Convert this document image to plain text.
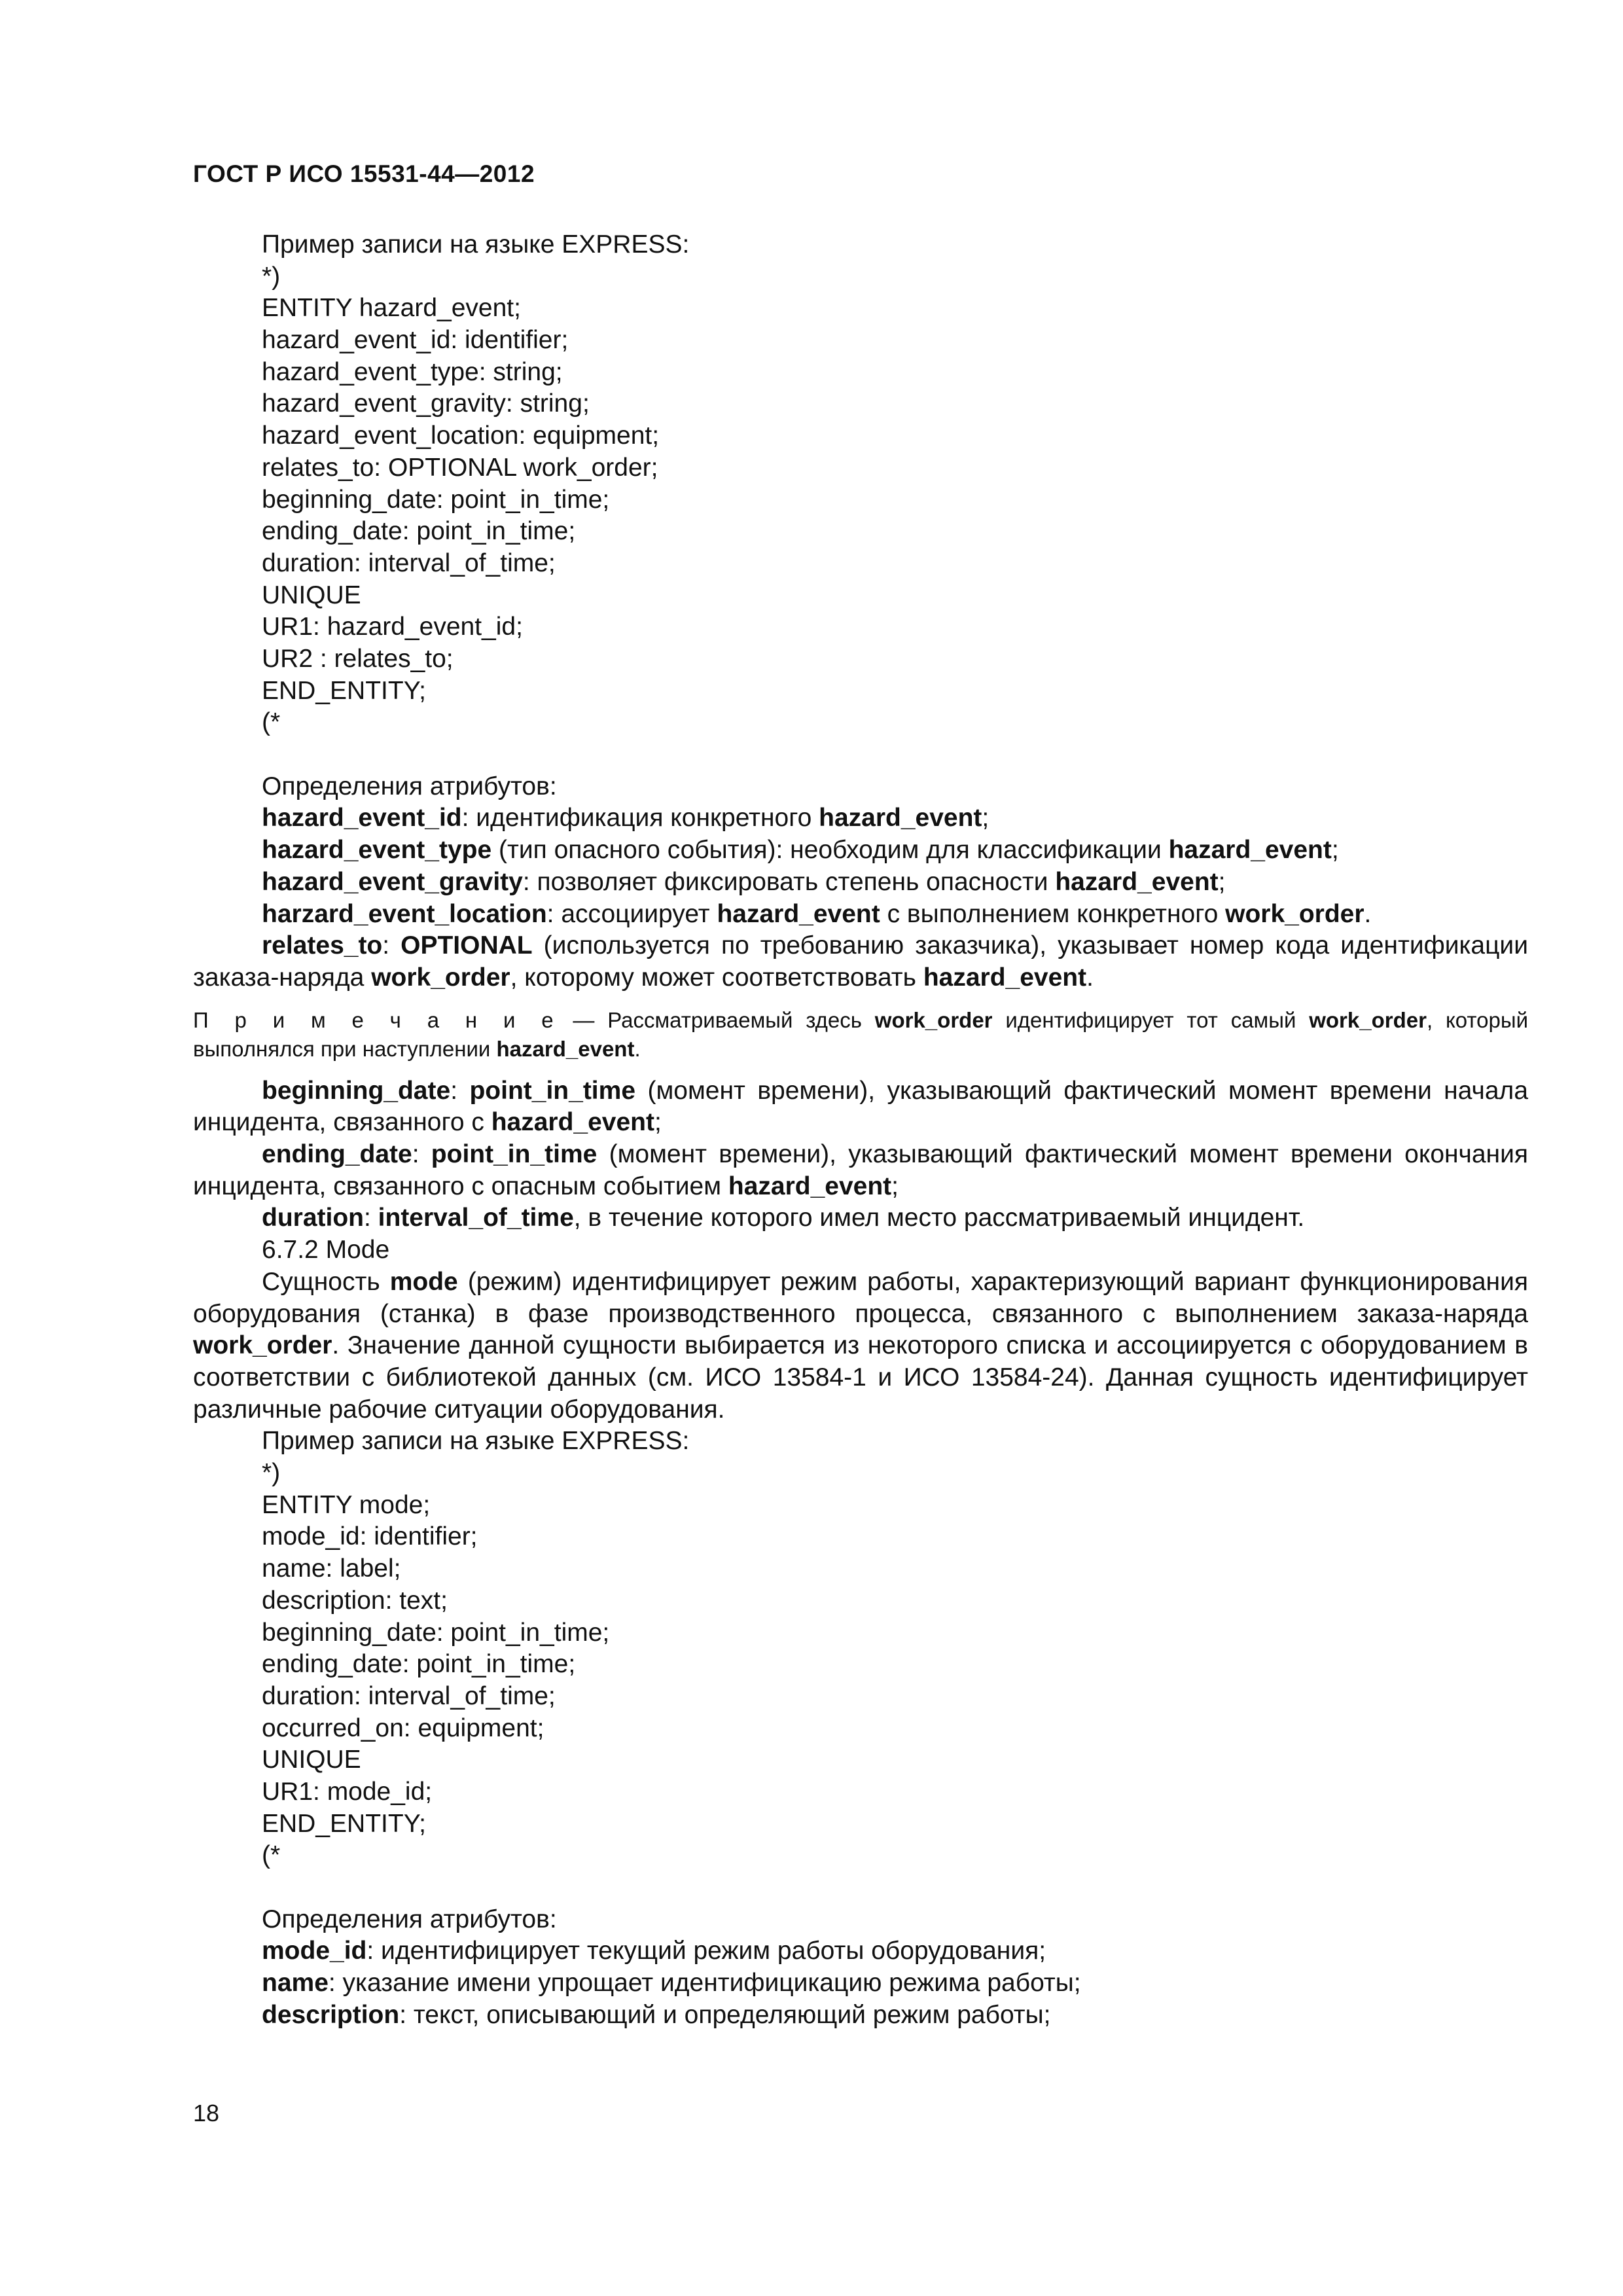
ГОСТ Р ИСО 15531-44—2012
Пример записи на языке EXPRESS:
*)
ENTITY hazard_event;
hazard_event_id: identifier;
hazard_event_type: string;
hazard_event_gravity: string;
hazard_event_location: equipment;
relates_to: OPTIONAL work_order;
beginning_date: point_in_time;
ending_date: point_in_time;
duration: interval_of_time;
UNIQUE
UR1: hazard_event_id;
UR2 : relates_to;
END_ENTITY;
(*
Определения атрибутов:
hazard_event_id: идентификация конкретного hazard_event;
hazard_event_type (тип опасного события): необходим для классификации hazard_event;
hazard_event_gravity: позволяет фиксировать степень опасности hazard_event;
harzard_event_location: ассоциирует hazard_event с выполнением конкретного work_order.
relates_to: OPTIONAL (используется по требованию заказчика), указывает номер кода идентификации заказа-наряда work_order, которому может соответствовать hazard_event.
П р и м е ч а н и е — Рассматриваемый здесь work_order идентифицирует тот самый work_order, который выполнялся при наступлении hazard_event.
beginning_date: point_in_time (момент времени), указывающий фактический момент времени начала инцидента, связанного с hazard_event;
ending_date: point_in_time (момент времени), указывающий фактический момент времени окончания инцидента, связанного с опасным событием hazard_event;
duration: interval_of_time, в течение которого имел место рассматриваемый инцидент.
6.7.2 Mode
Сущность mode (режим) идентифицирует режим работы, характеризующий вариант функционирования оборудования (станка) в фазе производственного процесса, связанного с выполнением заказа-наряда work_order. Значение данной сущности выбирается из некоторого списка и ассоциируется с оборудованием в соответствии с библиотекой данных (см. ИСО 13584-1 и ИСО 13584-24). Данная сущность идентифицирует различные рабочие ситуации оборудования.
Пример записи на языке EXPRESS:
*)
ENTITY mode;
mode_id: identifier;
name: label;
description: text;
beginning_date: point_in_time;
ending_date: point_in_time;
duration: interval_of_time;
occurred_on: equipment;
UNIQUE
UR1: mode_id;
END_ENTITY;
(*
Определения атрибутов:
mode_id: идентифицирует текущий режим работы оборудования;
name: указание имени упрощает идентифицикацию режима работы;
description: текст, описывающий и определяющий режим работы;
18
